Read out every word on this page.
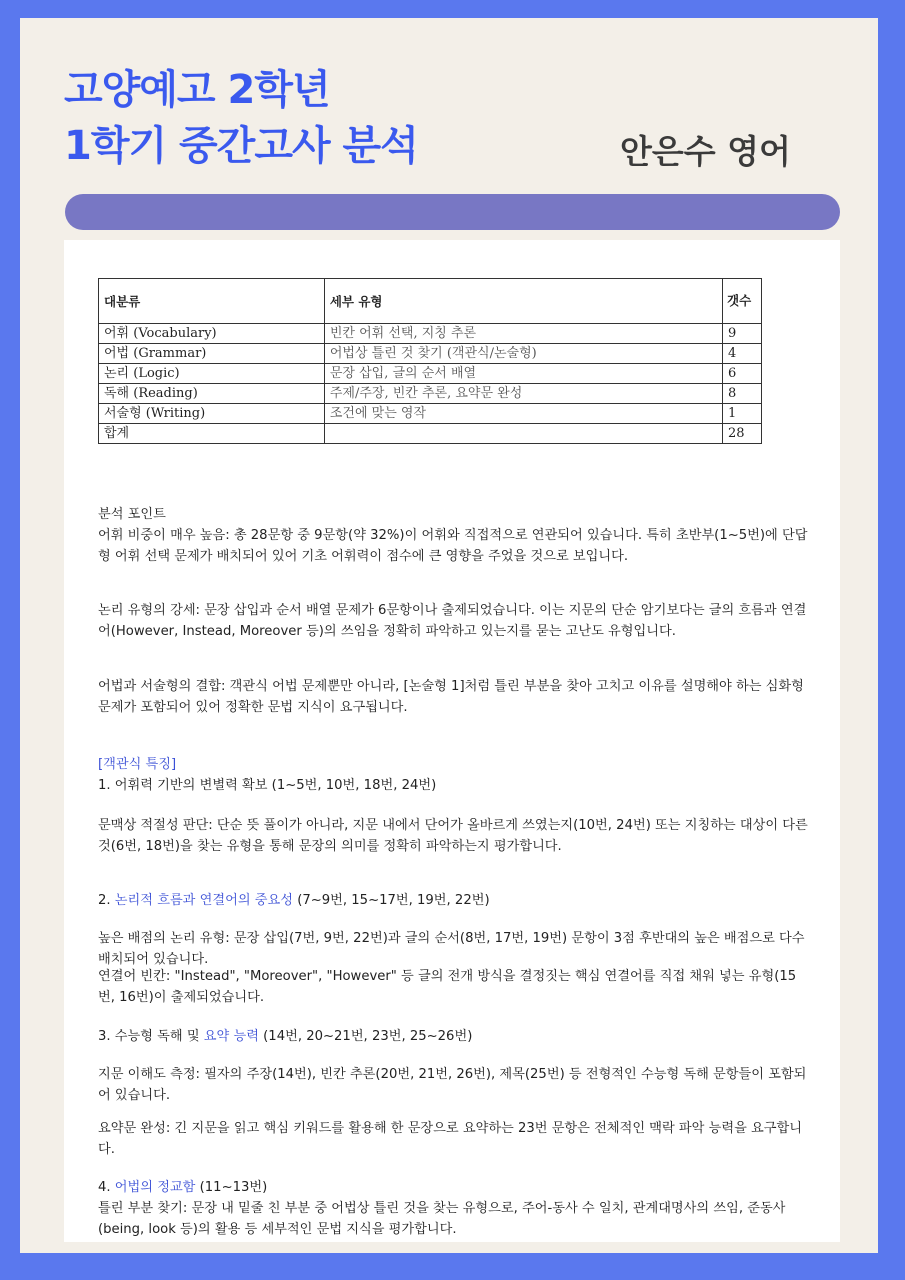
고양예고 2학년
1학기 중간고사 분석	안은수 영어
대분류	세부 유형	갯수
어휘 (Vocabulary)	빈칸 어휘 선택, 지칭 추론	9
어법 (Grammar)	어법상 틀린 것 찾기 (객관식/논술형)	4
논리 (Logic)	문장 삽입, 글의 순서 배열	6
독해 (Reading)	주제/주장, 빈칸 추론, 요약문 완성	8
서술형 (Writing)	조건에 맞는 영작	1
합계		28

분석 포인트

어휘 비중이 매우 높음: 총 28문항 중 9문항(약 32%)이 어휘와 직접적으로 연관되어 있습니다. 특히 초반부(1~5번)에 단답형 어휘 선택 문제가 배치되어 있어 기초 어휘력이 점수에 큰 영향을 주었을 것으로 보입니다.

논리 유형의 강세: 문장 삽입과 순서 배열 문제가 6문항이나 출제되었습니다. 이는 지문의 단순 암기보다는 글의 흐름과 연결어(However, Instead, Moreover 등)의 쓰임을 정확히 파악하고 있는지를 묻는 고난도 유형입니다.

어법과 서술형의 결합: 객관식 어법 문제뿐만 아니라, [논술형 1]처럼 틀린 부분을 찾아 고치고 이유를 설명해야 하는 심화형 문제가 포함되어 있어 정확한 문법 지식이 요구됩니다.

[객관식 특징]

1. 어휘력 기반의 변별력 확보 (1~5번, 10번, 18번, 24번)

문맥상 적절성 판단: 단순 뜻 풀이가 아니라, 지문 내에서 단어가 올바르게 쓰였는지(10번, 24번) 또는 지칭하는 대상이 다른 것(6번, 18번)을 찾는 유형을 통해 문장의 의미를 정확히 파악하는지 평가합니다.

2. 논리적 흐름과 연결어의 중요성 (7~9번, 15~17번, 19번, 22번)

높은 배점의 논리 유형: 문장 삽입(7번, 9번, 22번)과 글의 순서(8번, 17번, 19번) 문항이 3점 후반대의 높은 배점으로 다수 배치되어 있습니다.

연결어 빈칸: "Instead", "Moreover", "However" 등 글의 전개 방식을 결정짓는 핵심 연결어를 직접 채워 넣는 유형(15번, 16번)이 출제되었습니다.

3. 수능형 독해 및 요약 능력 (14번, 20~21번, 23번, 25~26번)

지문 이해도 측정: 필자의 주장(14번), 빈칸 추론(20번, 21번, 26번), 제목(25번) 등 전형적인 수능형 독해 문항들이 포함되어 있습니다.

요약문 완성: 긴 지문을 읽고 핵심 키워드를 활용해 한 문장으로 요약하는 23번 문항은 전체적인 맥락 파악 능력을 요구합니다.

4. 어법의 정교함 (11~13번)

틀린 부분 찾기: 문장 내 밑줄 친 부분 중 어법상 틀린 것을 찾는 유형으로, 주어-동사 수 일치, 관계대명사의 쓰임, 준동사(being, look 등)의 활용 등 세부적인 문법 지식을 평가합니다.
